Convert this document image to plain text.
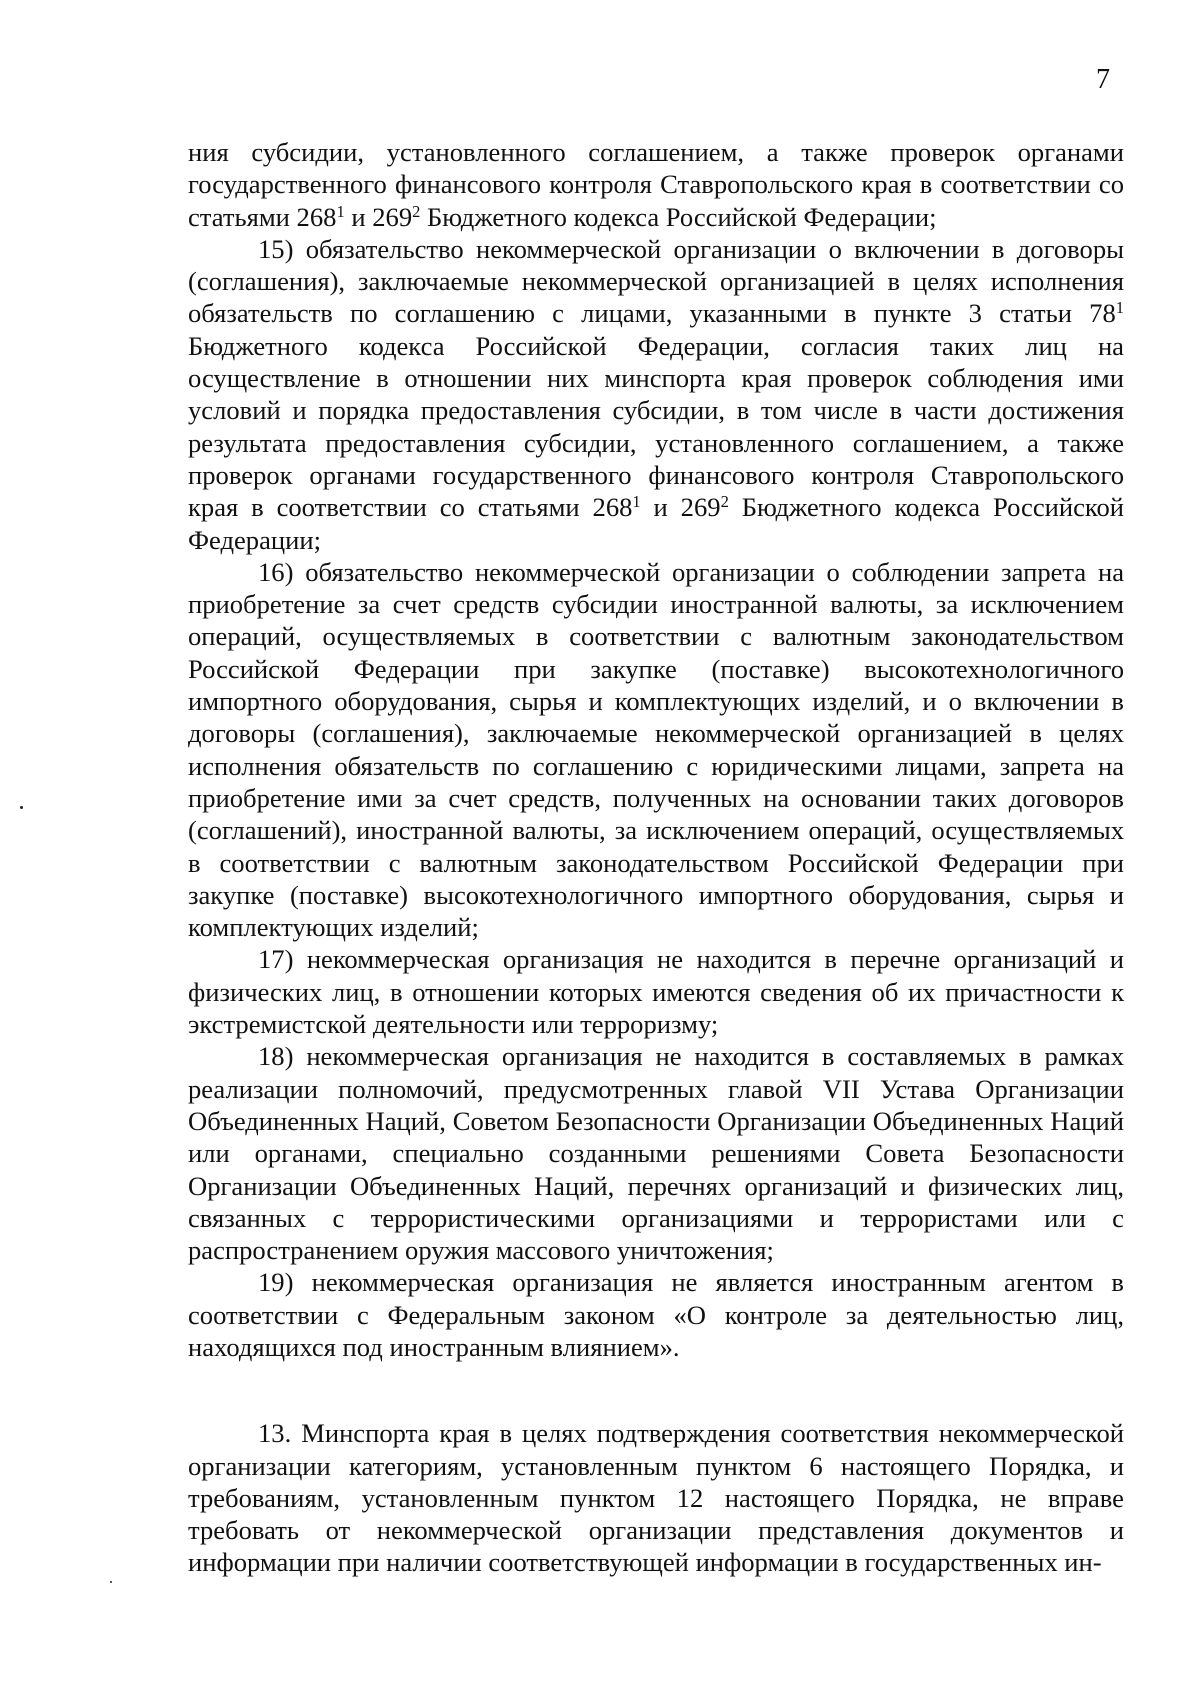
7

ния субсидии, установленного соглашением, а также проверок органами государственного финансового контроля Ставропольского края в соответствии со статьями $268^1$ и $269^2$ Бюджетного кодекса Российской Федерации;

15) обязательство некоммерческой организации о включении в договоры (соглашения), заключаемые некоммерческой организацией в целях исполнения обязательств по соглашению с лицами, указанными в пункте 3 статьи $78^1$ Бюджетного кодекса Российской Федерации, согласия таких лиц на осуществление в отношении них минспорта края проверок соблюдения ими условий и порядка предоставления субсидии, в том числе в части достижения результата предоставления субсидии, установленного соглашением, а также проверок органами государственного финансового контроля Ставропольского края в соответствии со статьями $268^1$ и $269^2$ Бюджетного кодекса Российской Федерации;

16) обязательство некоммерческой организации о соблюдении запрета на приобретение за счет средств субсидии иностранной валюты, за исключением операций, осуществляемых в соответствии с валютным законодательством Российской Федерации при закупке (поставке) высокотехнологичного импортного оборудования, сырья и комплектующих изделий, и о включении в договоры (соглашения), заключаемые некоммерческой организацией в целях исполнения обязательств по соглашению с юридическими лицами, запрета на приобретение ими за счет средств, полученных на основании таких договоров (соглашений), иностранной валюты, за исключением операций, осуществляемых в соответствии с валютным законодательством Российской Федерации при закупке (поставке) высокотехнологичного импортного оборудования, сырья и комплектующих изделий;

17) некоммерческая организация не находится в перечне организаций и физических лиц, в отношении которых имеются сведения об их причастности к экстремистской деятельности или терроризму;

18) некоммерческая организация не находится в составляемых в рамках реализации полномочий, предусмотренных главой VII Устава Организации Объединенных Наций, Советом Безопасности Организации Объединенных Наций или органами, специально созданными решениями Совета Безопасности Организации Объединенных Наций, перечнях организаций и физических лиц, связанных с террористическими организациями и террористами или с распространением оружия массового уничтожения;

19) некоммерческая организация не является иностранным агентом в соответствии с Федеральным законом «О контроле за деятельностью лиц, находящихся под иностранным влиянием».

13. Минспорта края в целях подтверждения соответствия некоммерческой организации категориям, установленным пунктом 6 настоящего Порядка, и требованиям, установленным пунктом 12 настоящего Порядка, не вправе требовать от некоммерческой организации представления документов и информации при наличии соответствующей информации в государственных ин-
